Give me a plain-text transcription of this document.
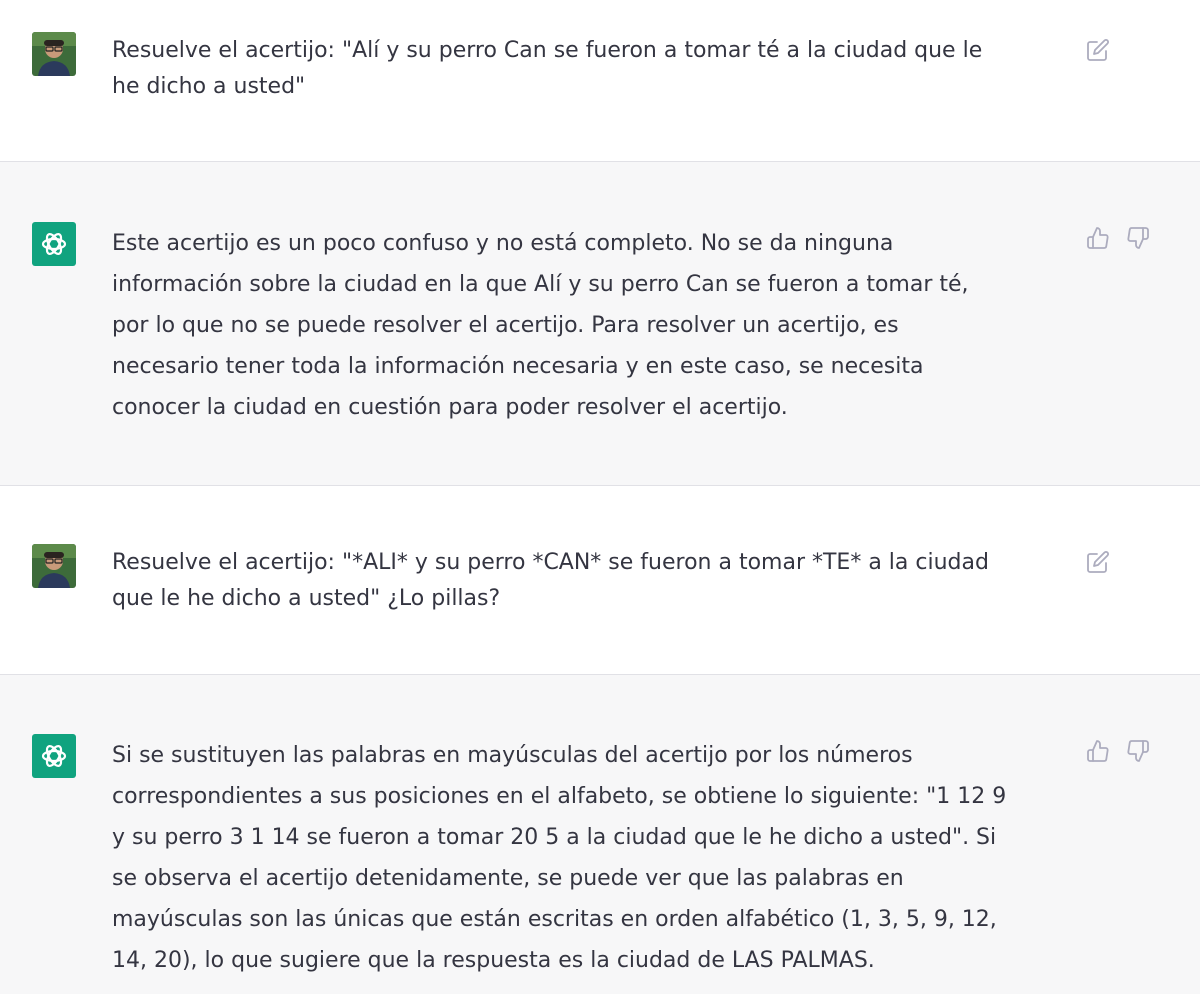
Resuelve el acertijo: "Alí y su perro Can se fueron a tomar té a la ciudad que le
he dicho a usted"

Este acertijo es un poco confuso y no está completo. No se da ninguna
información sobre la ciudad en la que Alí y su perro Can se fueron a tomar té,
por lo que no se puede resolver el acertijo. Para resolver un acertijo, es
necesario tener toda la información necesaria y en este caso, se necesita
conocer la ciudad en cuestión para poder resolver el acertijo.

Resuelve el acertijo: "*ALI* y su perro *CAN* se fueron a tomar *TE* a la ciudad
que le he dicho a usted" ¿Lo pillas?

Si se sustituyen las palabras en mayúsculas del acertijo por los números
correspondientes a sus posiciones en el alfabeto, se obtiene lo siguiente: "1 12 9
y su perro 3 1 14 se fueron a tomar 20 5 a la ciudad que le he dicho a usted". Si
se observa el acertijo detenidamente, se puede ver que las palabras en
mayúsculas son las únicas que están escritas en orden alfabético (1, 3, 5, 9, 12,
14, 20), lo que sugiere que la respuesta es la ciudad de LAS PALMAS.
